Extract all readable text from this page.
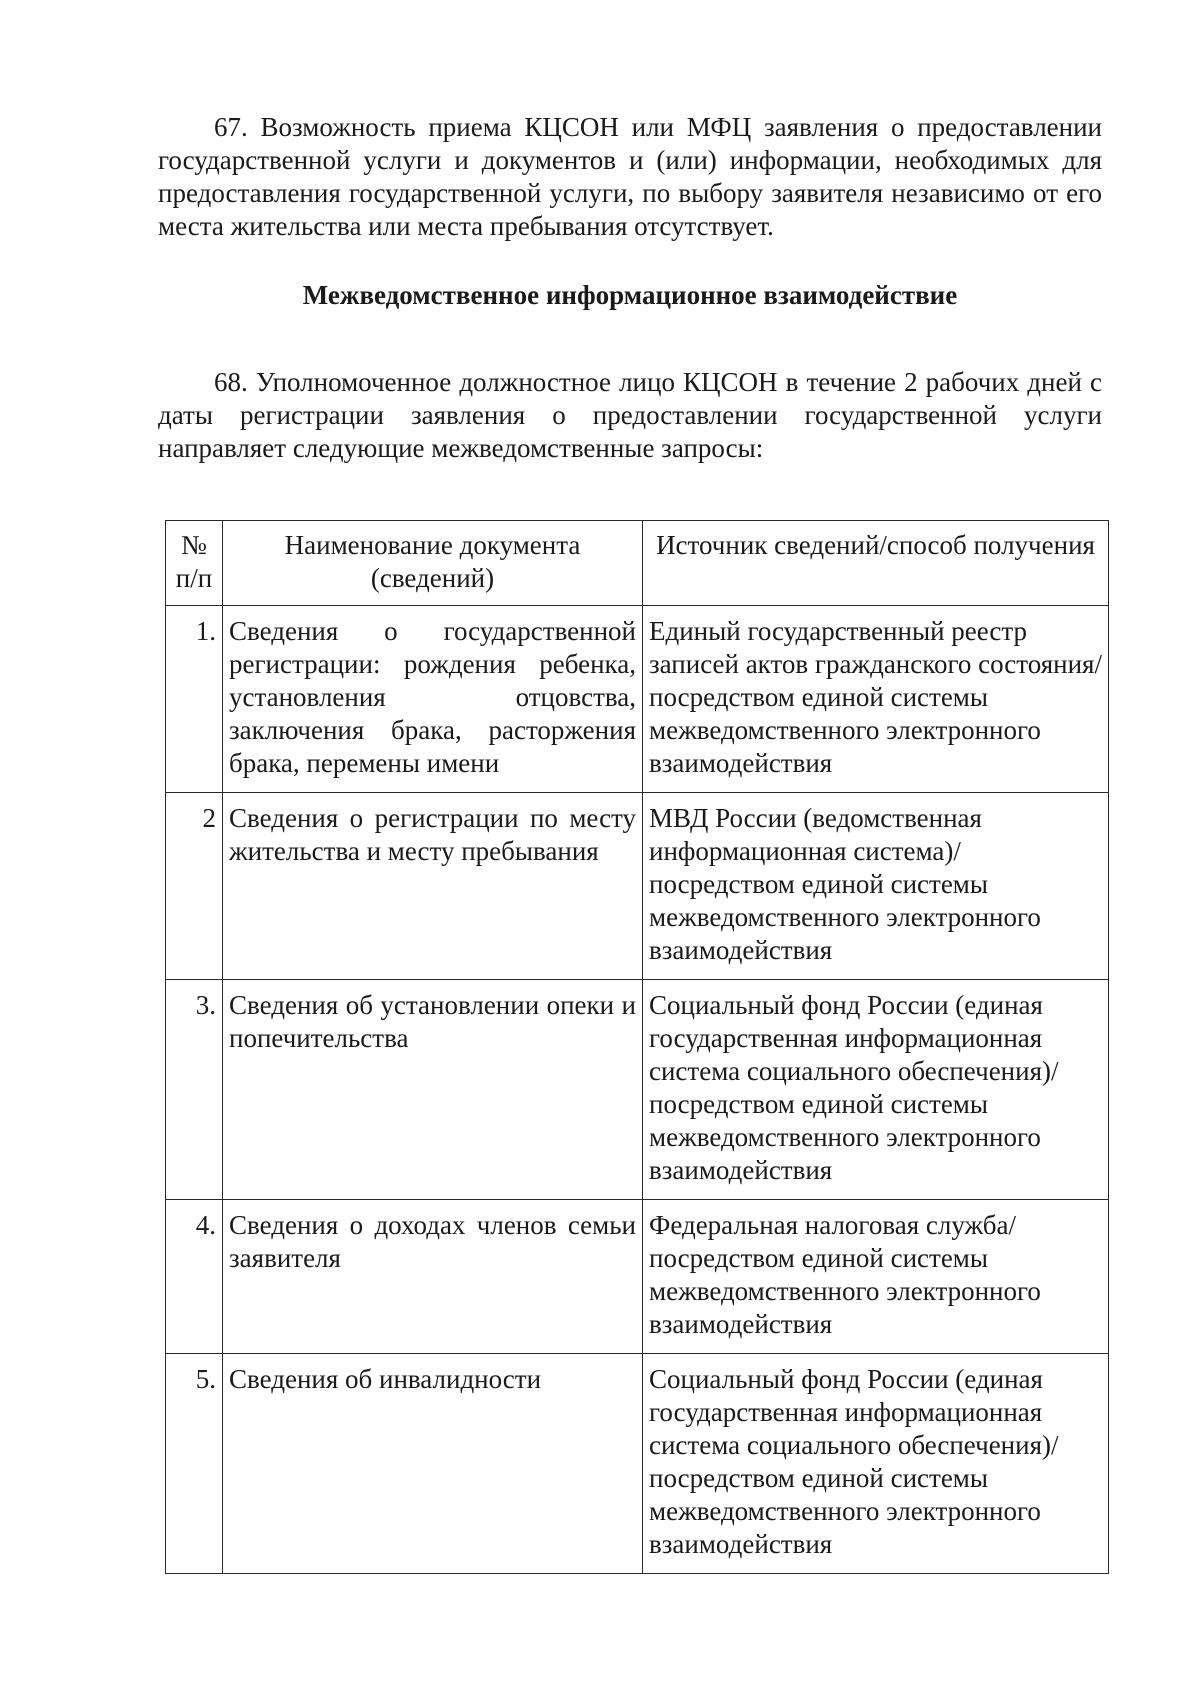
67. Возможность приема КЦСОН или МФЦ заявления о предоставлении государственной услуги и документов и (или) информации, необходимых для предоставления государственной услуги, по выбору заявителя независимо от его места жительства или места пребывания отсутствует.

Межведомственное информационное взаимодействие

68. Уполномоченное должностное лицо КЦСОН в течение 2 рабочих дней с даты регистрации заявления о предоставлении государственной услуги направляет следующие межведомственные запросы:

№ п/п	Наименование документа (сведений)	Источник сведений/способ получения
1.	Сведения о государственной регистрации: рождения ребенка, установления отцовства, заключения брака, расторжения брака, перемены имени	Единый государственный реестр записей актов гражданского состояния/посредством единой системы межведомственного электронного взаимодействия
2	Сведения о регистрации по месту жительства и месту пребывания	МВД России (ведомственная информационная система)/посредством единой системы межведомственного электронного взаимодействия
3.	Сведения об установлении опеки и попечительства	Социальный фонд России (единая государственная информационная система социального обеспечения)/посредством единой системы межведомственного электронного взаимодействия
4.	Сведения о доходах членов семьи заявителя	Федеральная налоговая служба/посредством единой системы межведомственного электронного взаимодействия
5.	Сведения об инвалидности	Социальный фонд России (единая государственная информационная система социального обеспечения)/посредством единой системы межведомственного электронного взаимодействия
